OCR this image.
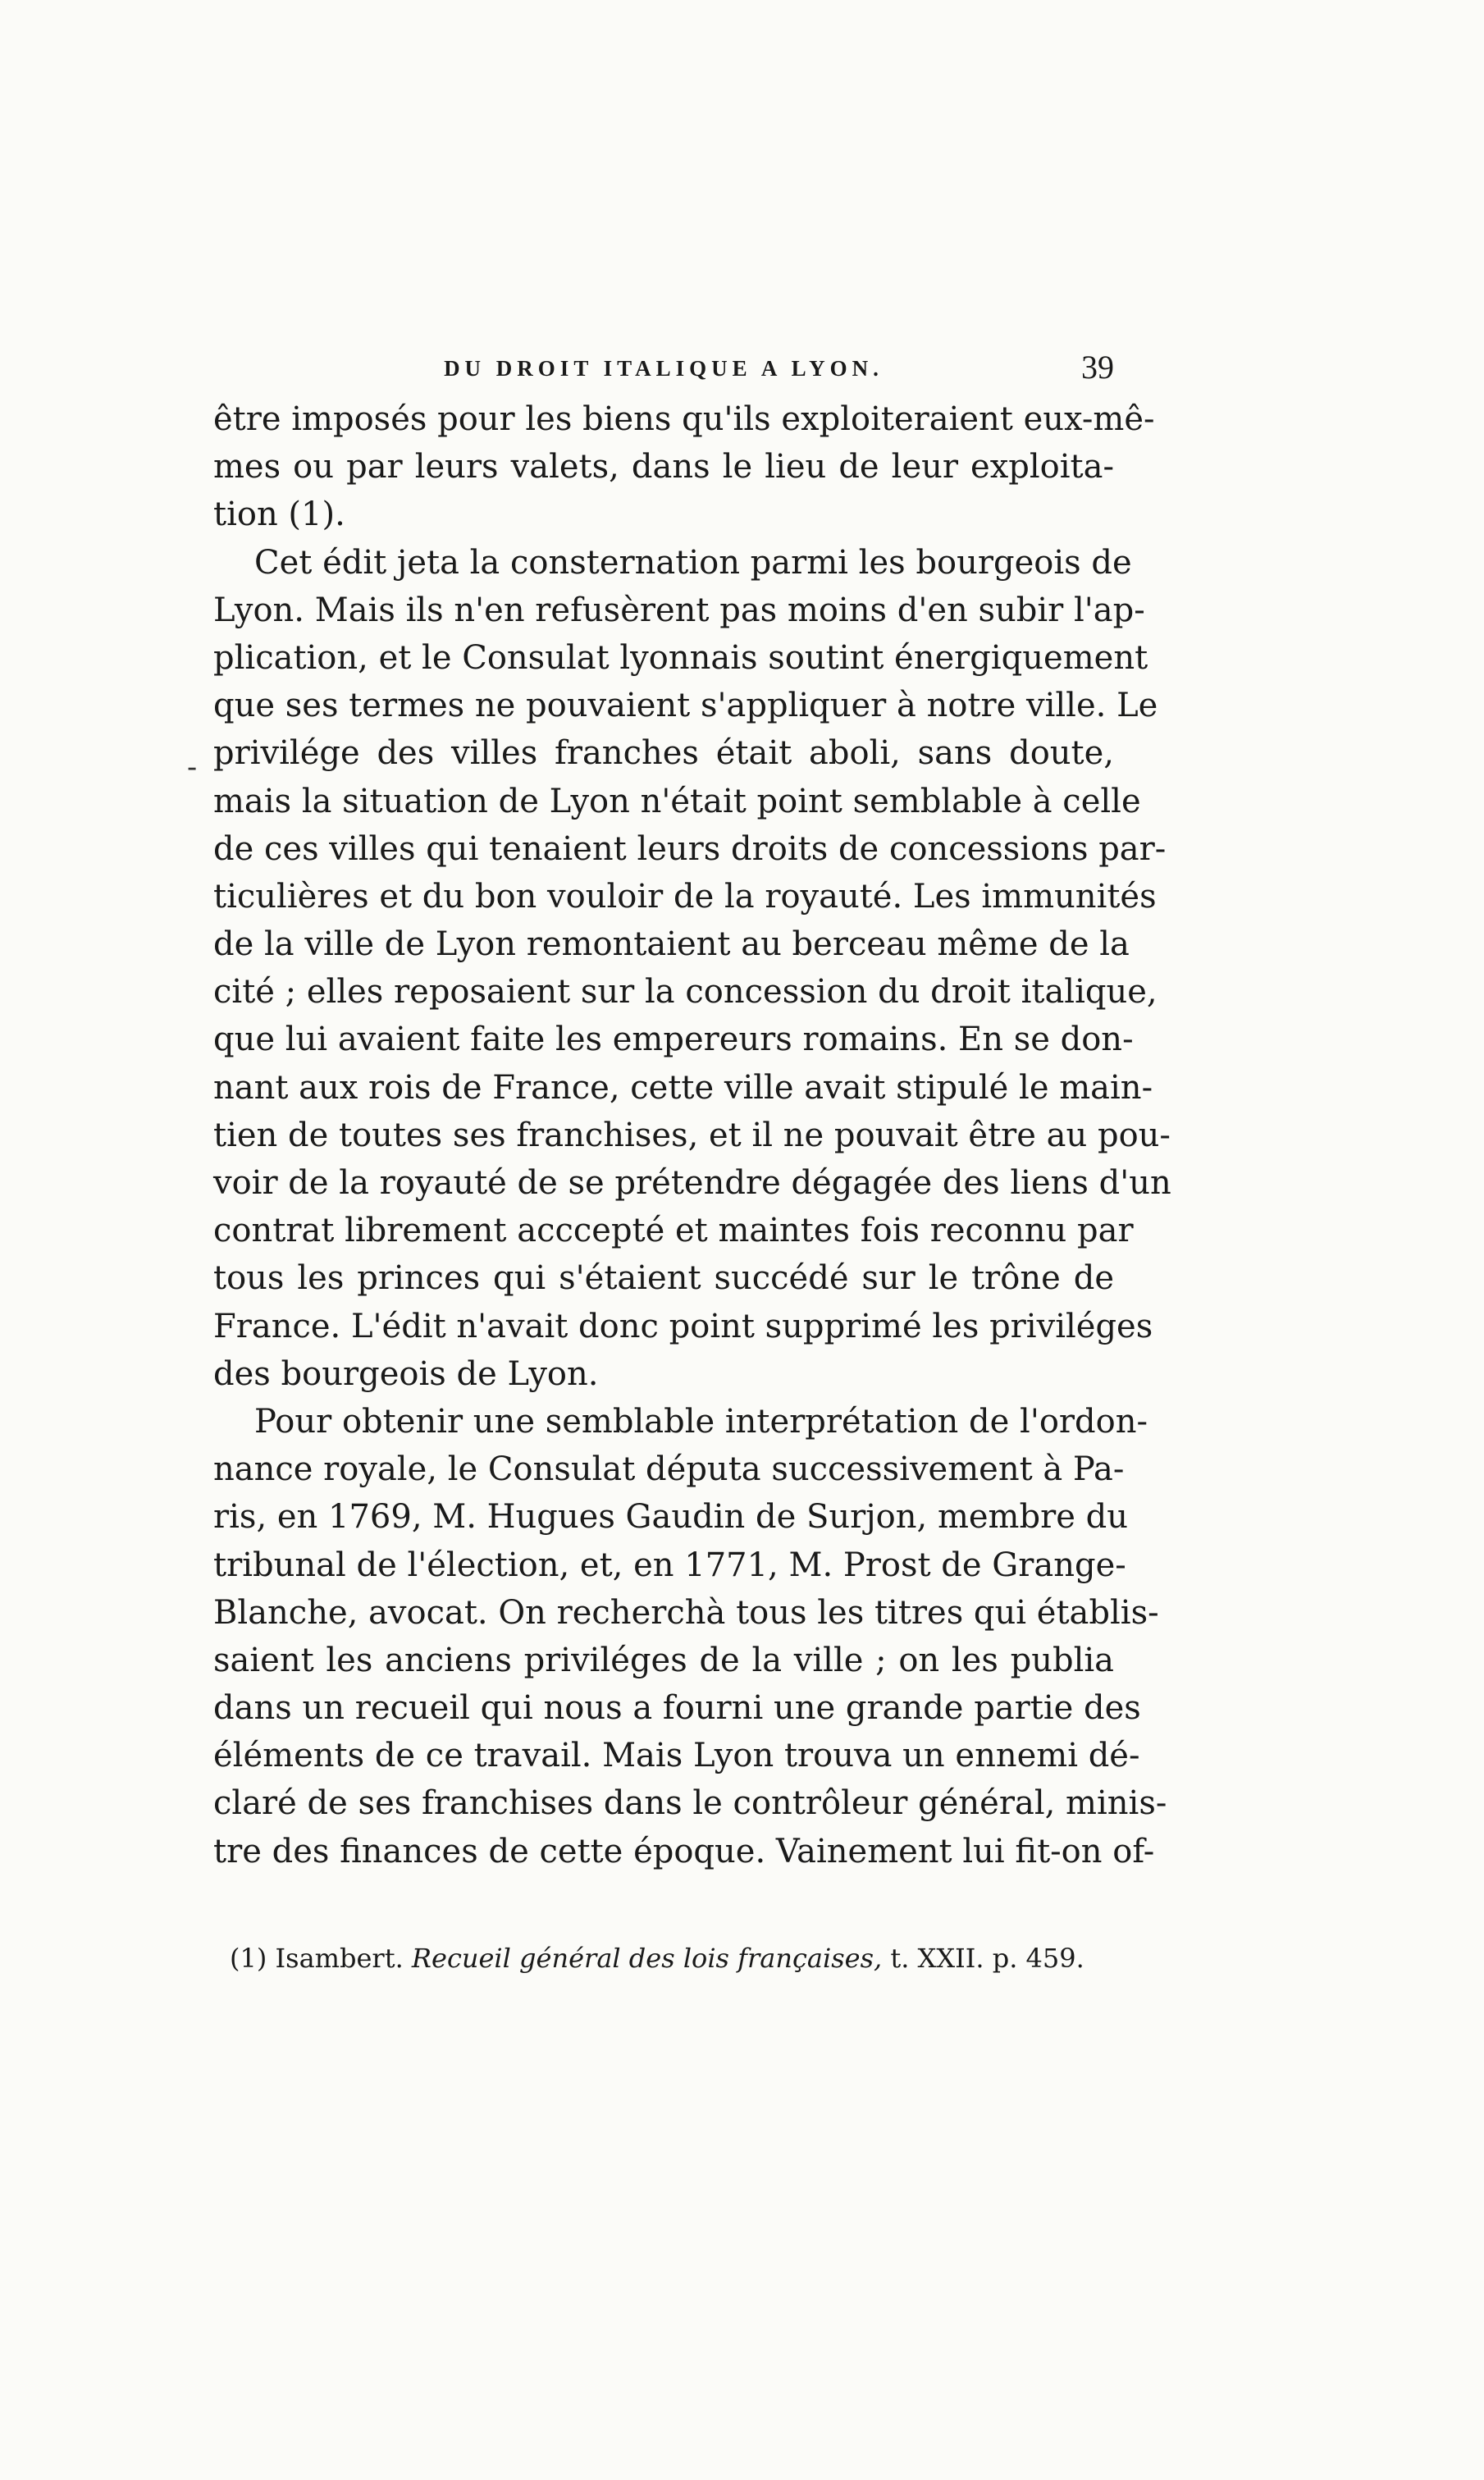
DU DROIT ITALIQUE A LYON.	39
-
être imposés pour les biens qu'ils exploiteraient eux-mê-
mes ou par leurs valets, dans le lieu de leur exploita-
tion (1).
Cet édit jeta la consternation parmi les bourgeois de
Lyon. Mais ils n'en refusèrent pas moins d'en subir l'ap-
plication, et le Consulat lyonnais soutint énergiquement
que ses termes ne pouvaient s'appliquer à notre ville. Le
privilége des villes franches était aboli, sans doute,
mais la situation de Lyon n'était point semblable à celle
de ces villes qui tenaient leurs droits de concessions par-
ticulières et du bon vouloir de la royauté. Les immunités
de la ville de Lyon remontaient au berceau même de la
cité ; elles reposaient sur la concession du droit italique,
que lui avaient faite les empereurs romains. En se don-
nant aux rois de France, cette ville avait stipulé le main-
tien de toutes ses franchises, et il ne pouvait être au pou-
voir de la royauté de se prétendre dégagée des liens d'un
contrat librement acccepté et maintes fois reconnu par
tous les princes qui s'étaient succédé sur le trône de
France. L'édit n'avait donc point supprimé les priviléges
des bourgeois de Lyon.
Pour obtenir une semblable interprétation de l'ordon-
nance royale, le Consulat députa successivement à Pa-
ris, en 1769, M. Hugues Gaudin de Surjon, membre du
tribunal de l'élection, et, en 1771, M. Prost de Grange-
Blanche, avocat. On recherchà tous les titres qui établis-
saient les anciens priviléges de la ville ; on les publia
dans un recueil qui nous a fourni une grande partie des
éléments de ce travail. Mais Lyon trouva un ennemi dé-
claré de ses franchises dans le contrôleur général, minis-
tre des finances de cette époque. Vainement lui fit-on of-
(1) Isambert. Recueil général des lois françaises, t. XXII. p. 459.
